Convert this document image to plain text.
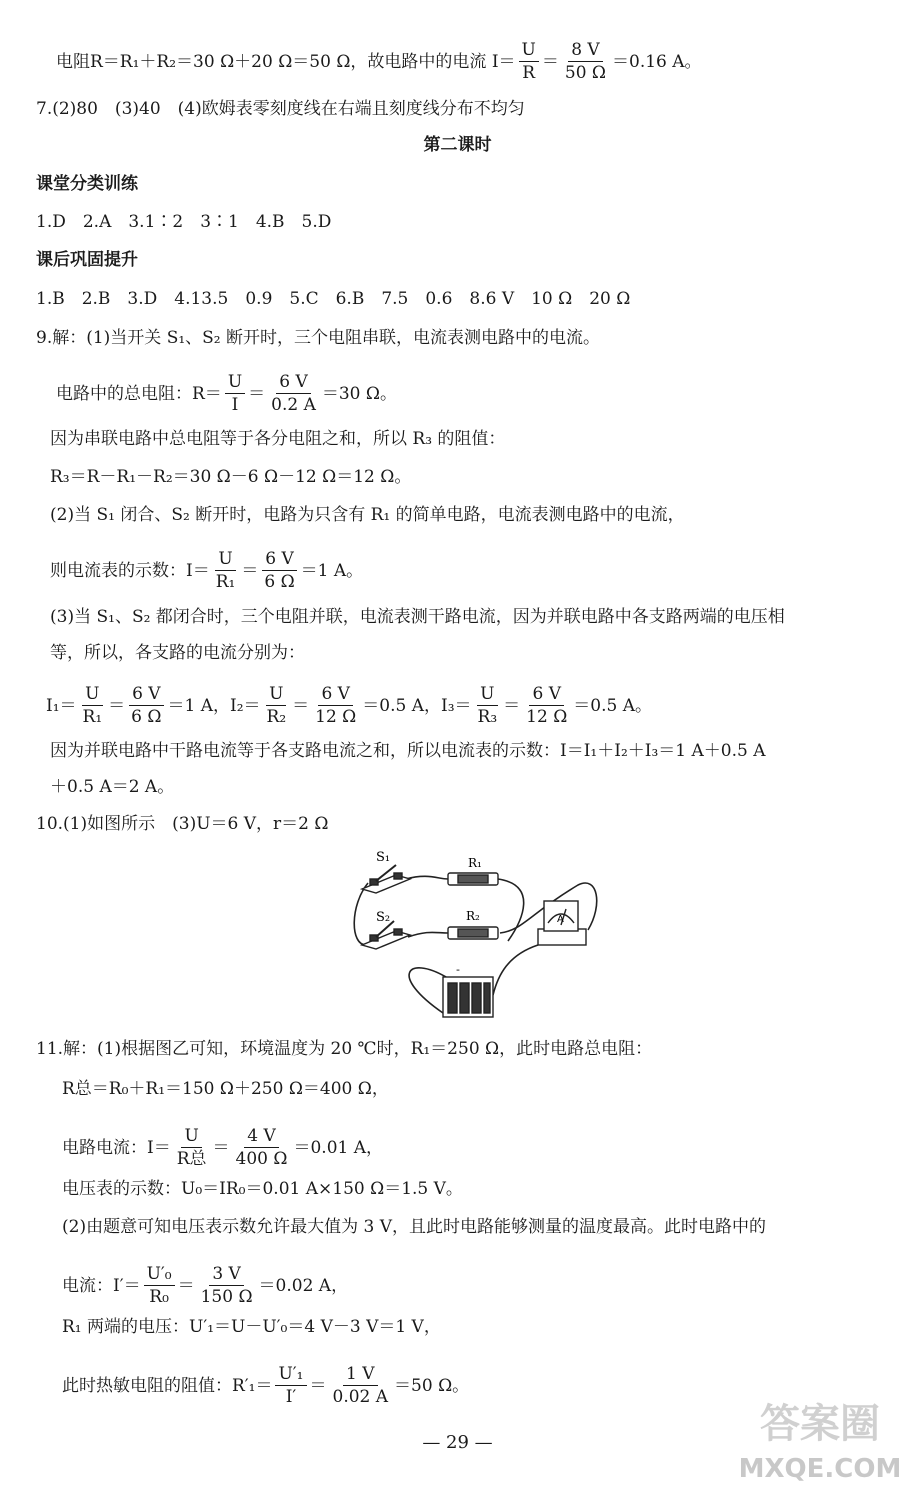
电阻R＝R₁＋R₂＝30 Ω＋20 Ω＝50 Ω，故电路中的电流 $I= \frac{U}{R} = \frac{8 V}{50 \Omega} =0.16$ A。
7.(2)80　(3)40　(4)欧姆表零刻度线在右端且刻度线分布不均匀
第二课时
课堂分类训练
1.D　2.A　3.1∶2　3∶1　4.B　5.D
课后巩固提升
1.B　2.B　3.D　4.13.5　0.9　5.C　6.B　7.5　0.6　8.6 V　10 Ω　20 Ω
9.解：(1)当开关 S₁、S₂ 断开时，三个电阻串联，电流表测电路中的电流。
电路中的总电阻：$R= \frac{U}{I} = \frac{6 V}{0.2 A} =30$ Ω。
因为串联电路中总电阻等于各分电阻之和，所以 R₃ 的阻值：
R₃＝R－R₁－R₂＝30 Ω－6 Ω－12 Ω＝12 Ω。
(2)当 S₁ 闭合、S₂ 断开时，电路为只含有 R₁ 的简单电路，电流表测电路中的电流，
则电流表的示数：$I= \frac{U}{\text{R₁}} = \frac{6 V}{6 \Omega} =1$ A。
(3)当 S₁、S₂ 都闭合时，三个电阻并联，电流表测干路电流，因为并联电路中各支路两端的电压相
等，所以，各支路的电流分别为：
$I_1= \frac{U}{\text{R₁}} = \frac{6 V}{6 \Omega} =1$ A，$I_2= \frac{U}{\text{R₂}} = \frac{6 V}{12 \Omega} =0.5$ A，$I_3= \frac{U}{\text{R₃}} = \frac{6 V}{12 \Omega} =0.5$ A。
因为并联电路中干路电流等于各支路电流之和，所以电流表的示数：I＝I₁＋I₂＋I₃＝1 A＋0.5 A
＋0.5 A＝2 A。
10.(1)如图所示　(3)U＝6 V，r＝2 Ω
S₁	R₁
S₂	R₂	A
-
11.解：(1)根据图乙可知，环境温度为 20 ℃时，R₁＝250 Ω，此时电路总电阻：
R总＝R₀＋R₁＝150 Ω＋250 Ω＝400 Ω，
电路电流：$I= \frac{U}{\text{R总}} = \frac{4 V}{400 \Omega} =0.01$ A，
电压表的示数：U₀＝IR₀＝0.01 A×150 Ω＝1.5 V。
(2)由题意可知电压表示数允许最大值为 3 V，且此时电路能够测量的温度最高。此时电路中的
电流：$I'= \frac{\text{U′₀}}{\text{R₀}} = \frac{3 V}{150 \Omega} =0.02$ A，
R₁ 两端的电压：U′₁＝U－U′₀＝4 V－3 V＝1 V，
此时热敏电阻的阻值：$R'_1= \frac{\text{U′₁}}{I'} = \frac{1 V}{0.02 A} =50$ Ω。
— 29 —	答案圈
MXQE.COM
